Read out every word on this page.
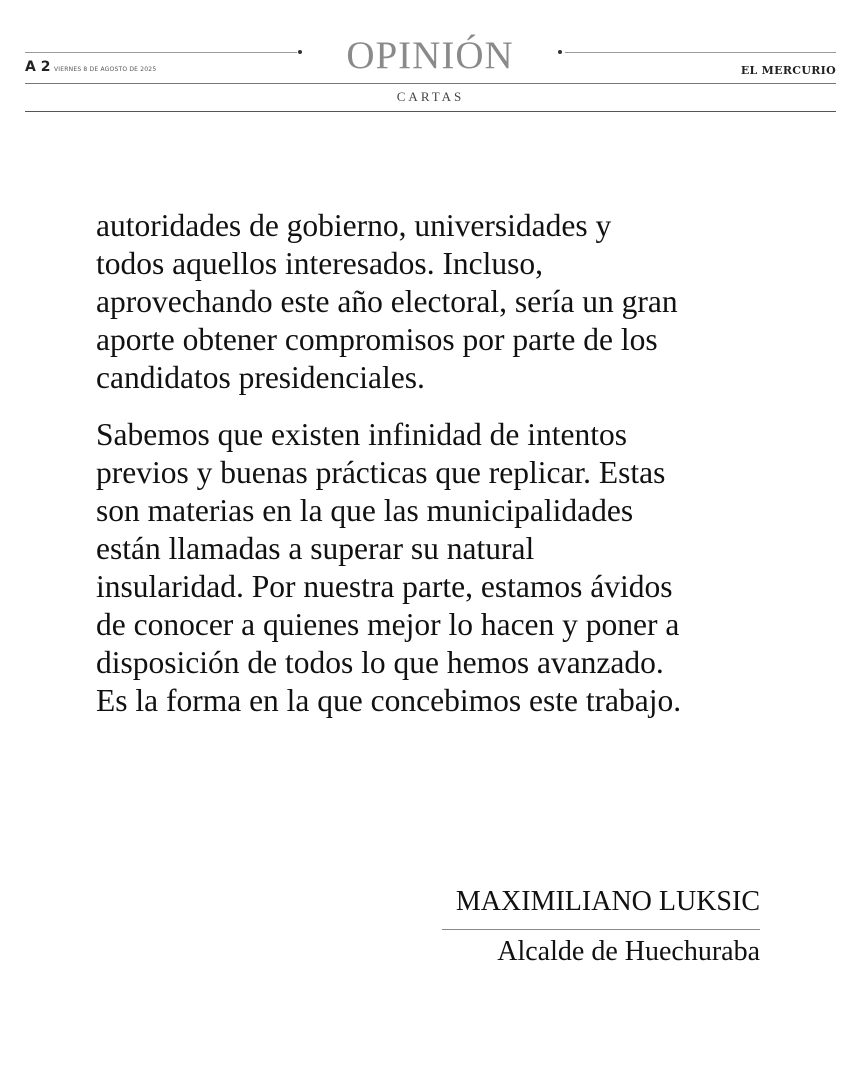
OPINIÓN
A 2 VIERNES 8 DE AGOSTO DE 2025	EL MERCURIO
CARTAS

autoridades de gobierno, universidades y
todos aquellos interesados. Incluso,
aprovechando este año electoral, sería un gran
aporte obtener compromisos por parte de los
candidatos presidenciales.

Sabemos que existen infinidad de intentos
previos y buenas prácticas que replicar. Estas
son materias en la que las municipalidades
están llamadas a superar su natural
insularidad. Por nuestra parte, estamos ávidos
de conocer a quienes mejor lo hacen y poner a
disposición de todos lo que hemos avanzado.
Es la forma en la que concebimos este trabajo.

MAXIMILIANO LUKSIC
Alcalde de Huechuraba
